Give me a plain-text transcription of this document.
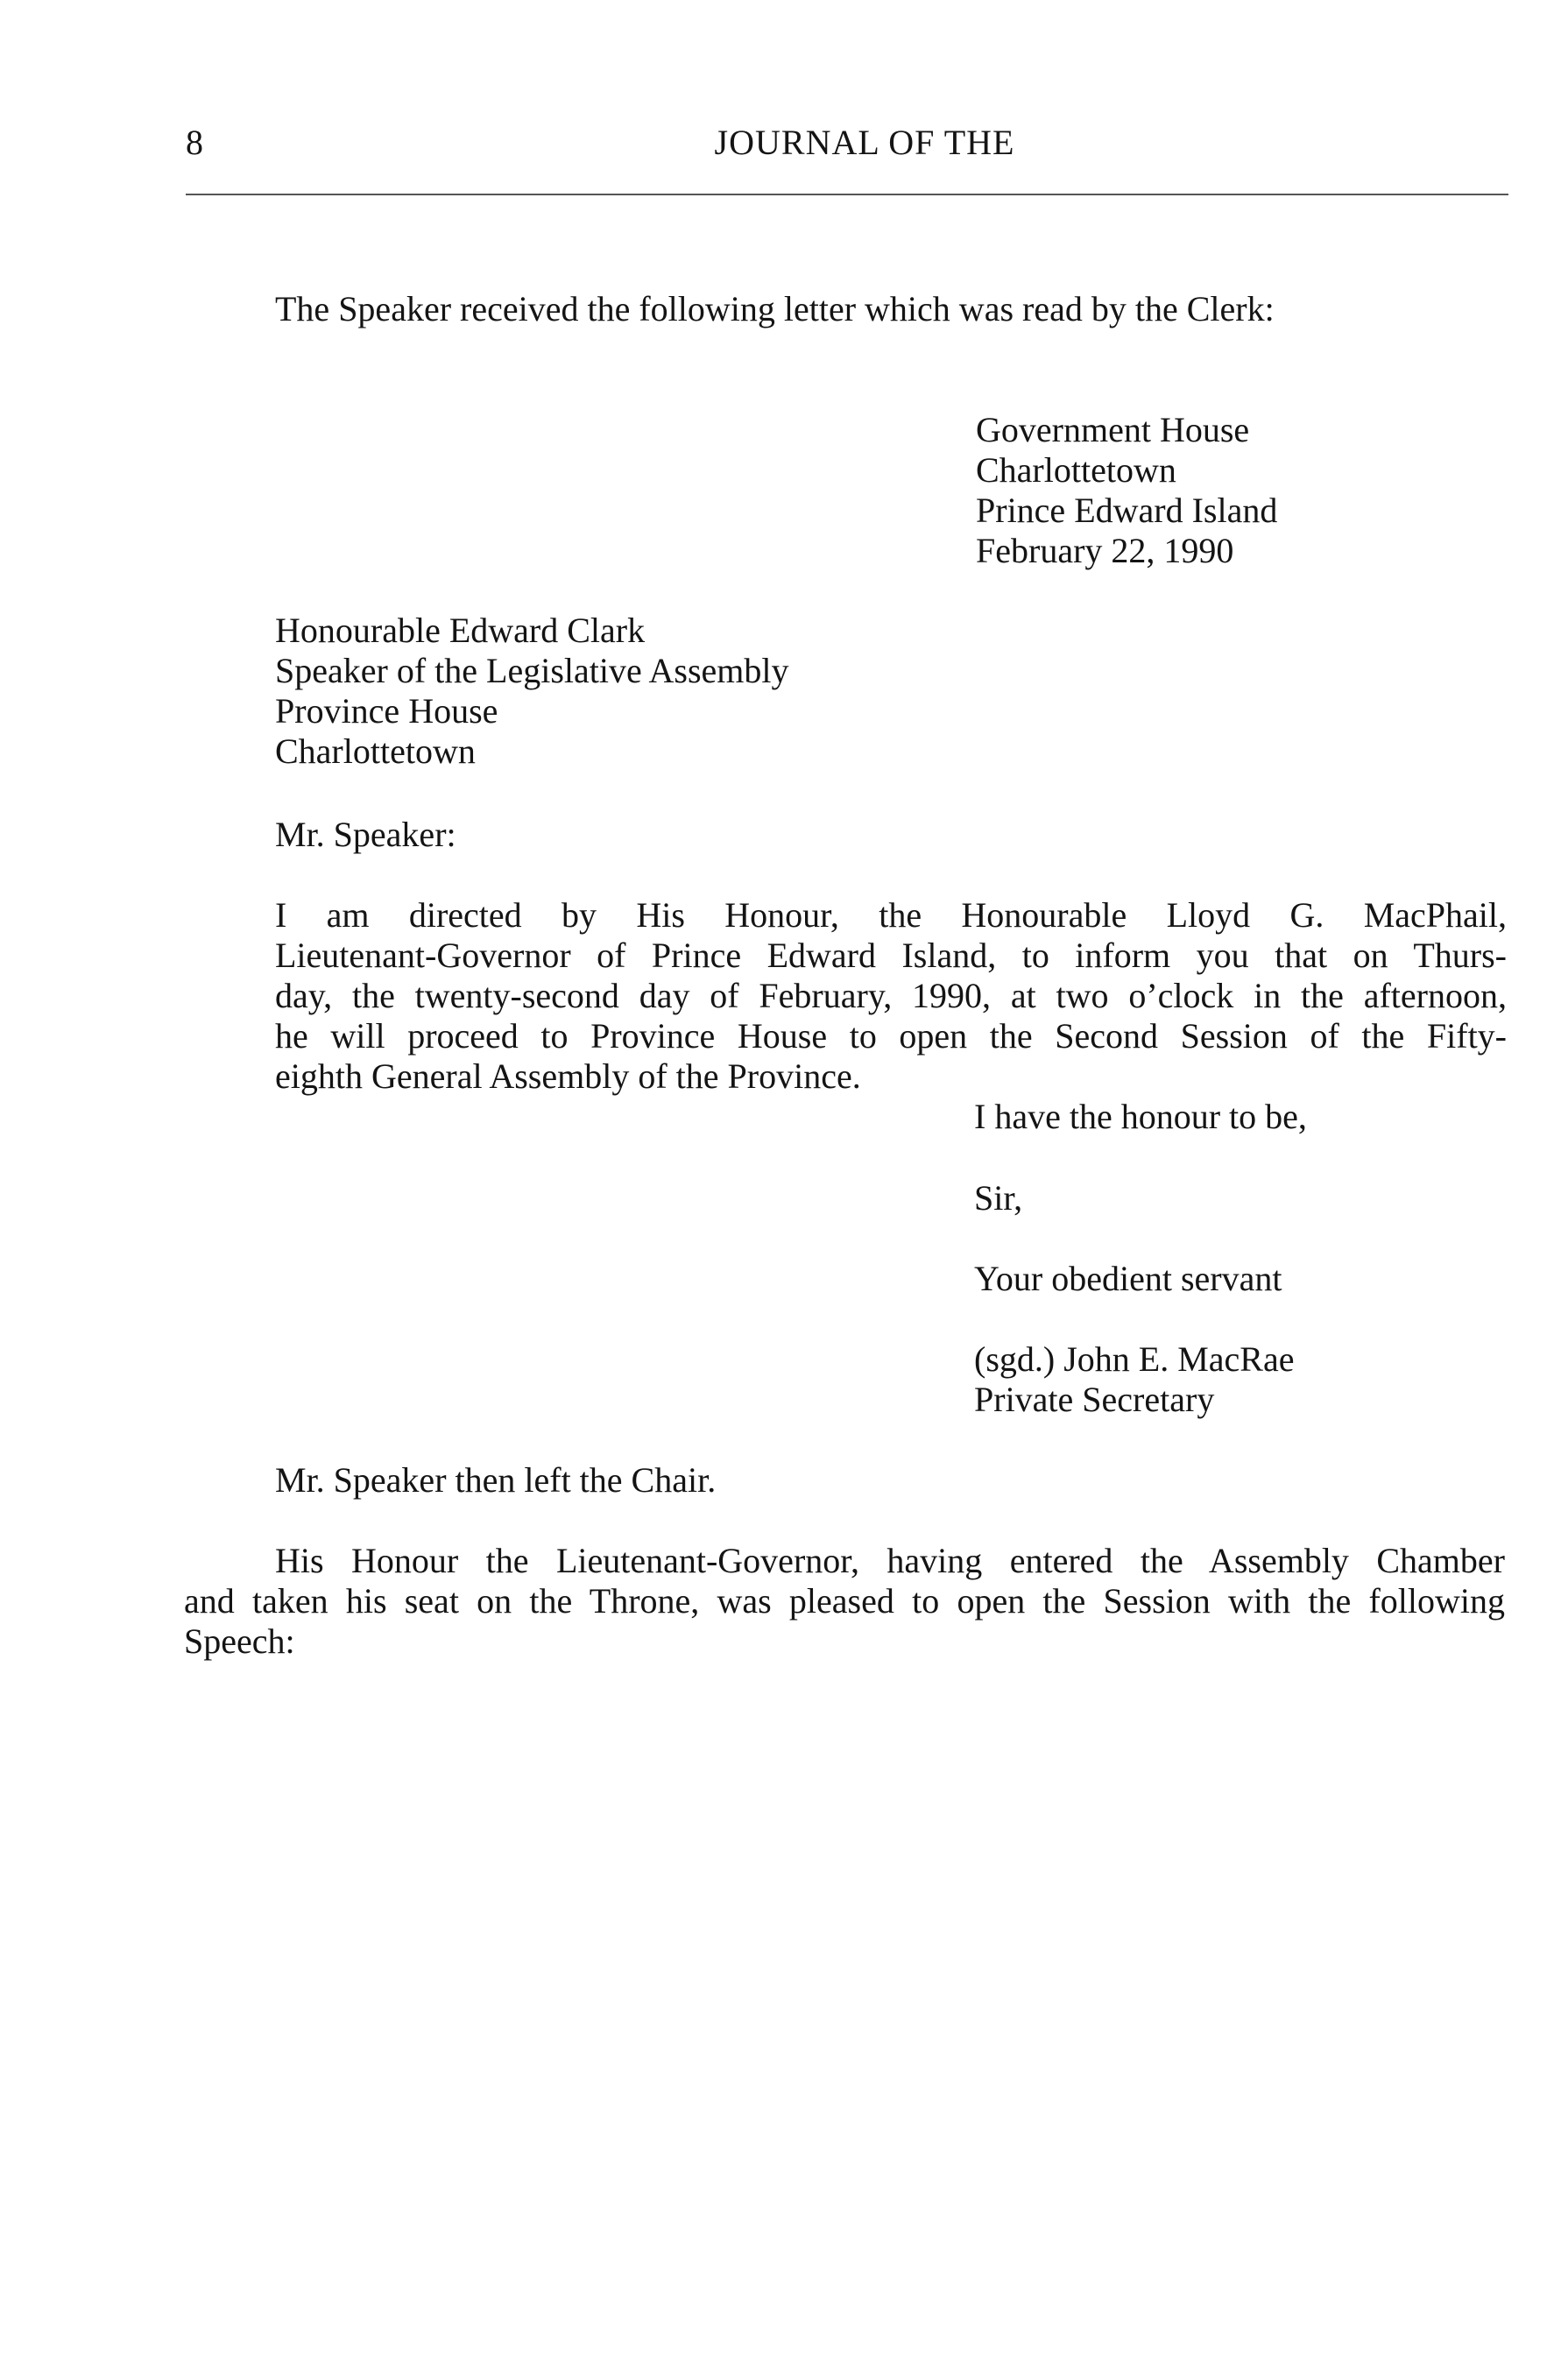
8	JOURNAL OF THE

The Speaker received the following letter which was read by the Clerk:

Government House
Charlottetown
Prince Edward Island
February 22, 1990
Honourable Edward Clark
Speaker of the Legislative Assembly
Province House
Charlottetown

Mr. Speaker:

I am directed by His Honour, the Honourable Lloyd G. MacPhail,
Lieutenant-Governor of Prince Edward Island, to inform you that on Thurs-
day, the twenty-second day of February, 1990, at two o’clock in the afternoon,
he will proceed to Province House to open the Second Session of the Fifty-
eighth General Assembly of the Province.

I have the honour to be,

Sir,

Your obedient servant

(sgd.) John E. MacRae
Private Secretary

Mr. Speaker then left the Chair.

His Honour the Lieutenant-Governor, having entered the Assembly Chamber
and taken his seat on the Throne, was pleased to open the Session with the following
Speech:
